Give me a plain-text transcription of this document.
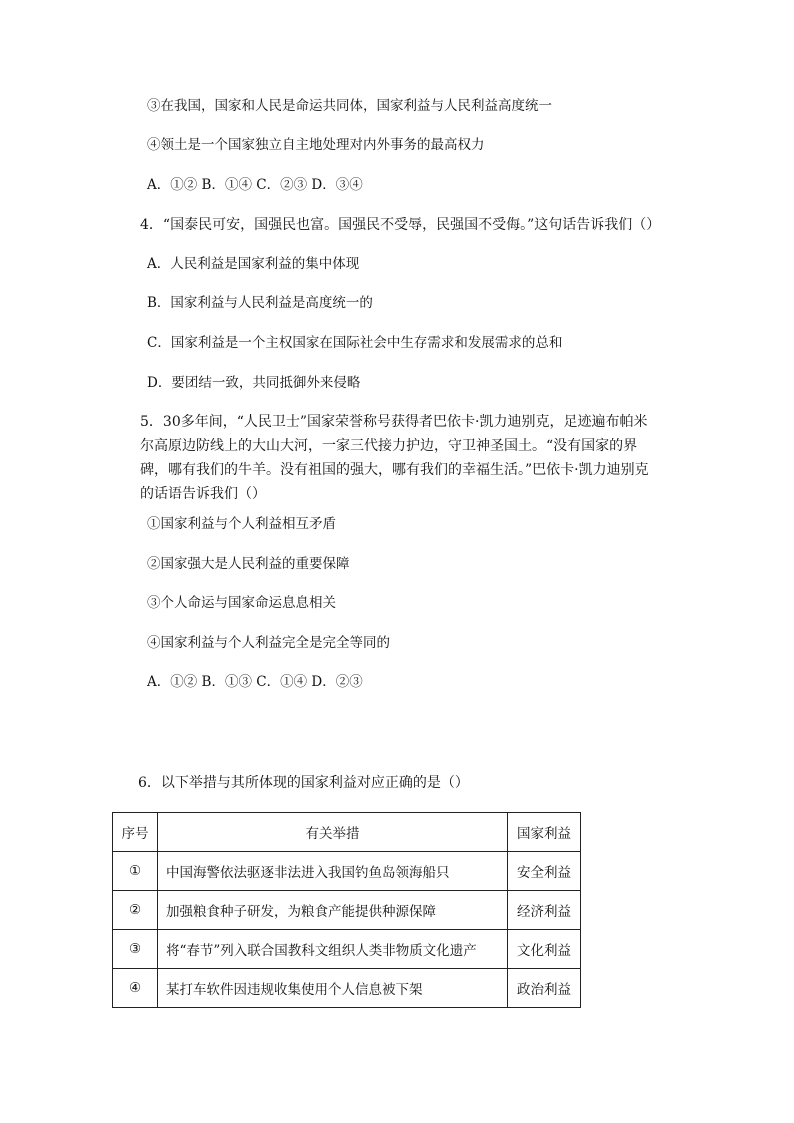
③在我国，国家和人民是命运共同体，国家利益与人民利益高度统一
④领土是一个国家独立自主地处理对内外事务的最高权力
A．①② B．①④ C．②③ D．③④
4．“国泰民可安，国强民也富。国强民不受辱，民强国不受侮。”这句话告诉我们（）
A．人民利益是国家利益的集中体现
B．国家利益与人民利益是高度统一的
C．国家利益是一个主权国家在国际社会中生存需求和发展需求的总和
D．要团结一致，共同抵御外来侵略
5．30多年间，“人民卫士”国家荣誉称号获得者巴依卡·凯力迪别克，足迹遍布帕米尔高原边防线上的大山大河，一家三代接力护边，守卫神圣国土。“没有国家的界碑，哪有我们的牛羊。没有祖国的强大，哪有我们的幸福生活。”巴依卡·凯力迪别克的话语告诉我们（）
①国家利益与个人利益相互矛盾
②国家强大是人民利益的重要保障
③个人命运与国家命运息息相关
④国家利益与个人利益完全是完全等同的
A．①② B．①③ C．①④ D．②③
6．以下举措与其所体现的国家利益对应正确的是（）
序号	有关举措	国家利益
①	中国海警依法驱逐非法进入我国钓鱼岛领海船只	安全利益
②	加强粮食种子研发，为粮食产能提供种源保障	经济利益
③	将“春节”列入联合国教科文组织人类非物质文化遗产	文化利益
④	某打车软件因违规收集使用个人信息被下架	政治利益
